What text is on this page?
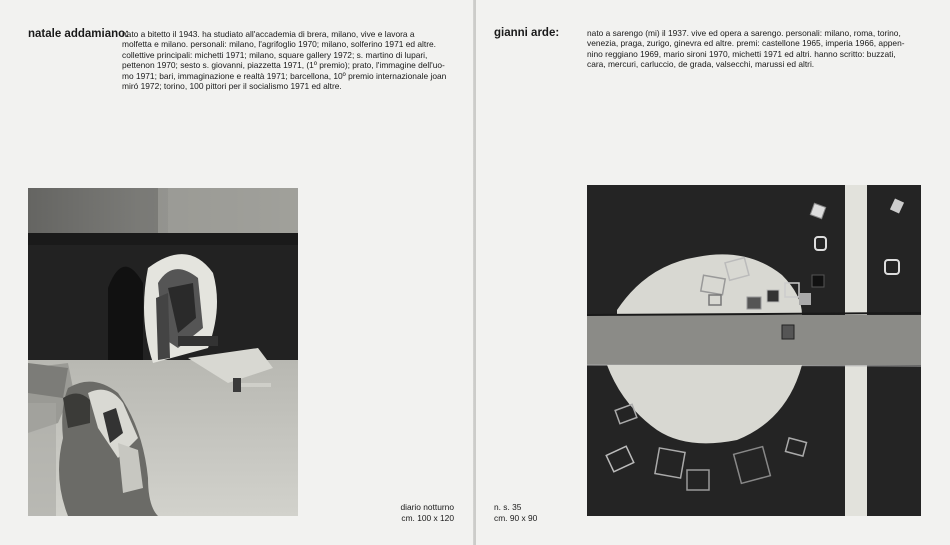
natale addamiano:
nato a bitetto il 1943. ha studiato all'accademia di brera, milano, vive e lavora a
molfetta e milano. personali: milano, l'agrifoglio 1970; milano, solferino 1971 ed altre.
collettive principali: michetti 1971; milano, square gallery 1972; s. martino di lupari,
pettenon 1970; sesto s. giovanni, piazzetta 1971, (1º premio); prato, l'immagine dell'uo-
mo 1971; bari, immaginazione e realtà 1971; barcellona, 10º premio internazionale joan
miró 1972; torino, 100 pittori per il socialismo 1971 ed altre.
diario notturno
cm. 100 x 120
gianni arde:	nato a sarengo (mi) il 1937. vive ed opera a sarengo. personali: milano, roma, torino,
venezia, praga, zurigo, ginevra ed altre. premi: castellone 1965, imperia 1966, appen-
nino reggiano 1969, mario sironi 1970, michetti 1971 ed altri. hanno scritto: buzzati,
cara, mercuri, carluccio, de grada, valsecchi, marussi ed altri.
n. s. 35
cm. 90 x 90
